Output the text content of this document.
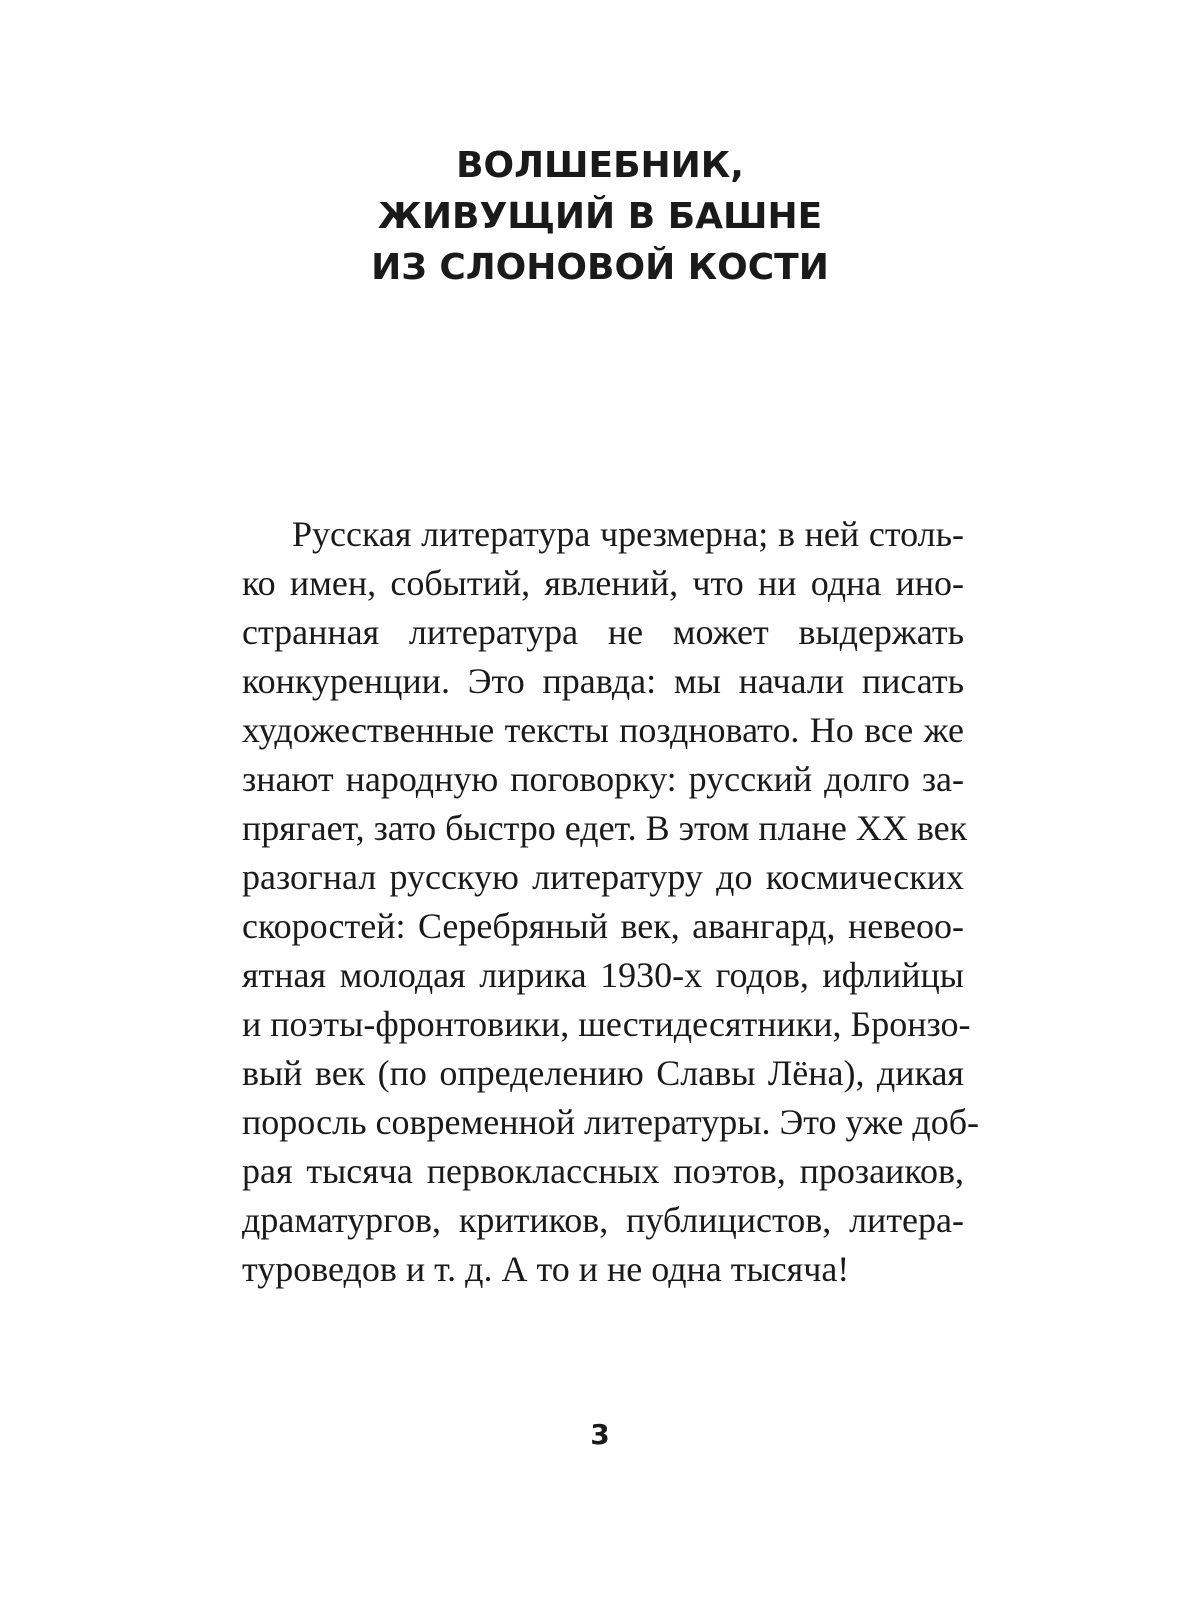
ВОЛШЕБНИК,
ЖИВУЩИЙ В БАШНЕ
ИЗ СЛОНОВОЙ КОСТИ
Русская литература чрезмерна; в ней столь-
ко имен, событий, явлений, что ни одна ино-
странная литература не может выдержать
конкуренции. Это правда: мы начали писать
художественные тексты поздновато. Но все же
знают народную поговорку: русский долго за-
прягает, зато быстро едет. В этом плане XX век
разогнал русскую литературу до космических
скоростей: Серебряный век, авангард, невеоо-
ятная молодая лирика 1930-х годов, ифлийцы
и поэты-фронтовики, шестидесятники, Бронзо-
вый век (по определению Славы Лёна), дикая
поросль современной литературы. Это уже доб-
рая тысяча первоклассных поэтов, прозаиков,
драматургов, критиков, публицистов, литера-
туроведов и т. д. А то и не одна тысяча!
3
